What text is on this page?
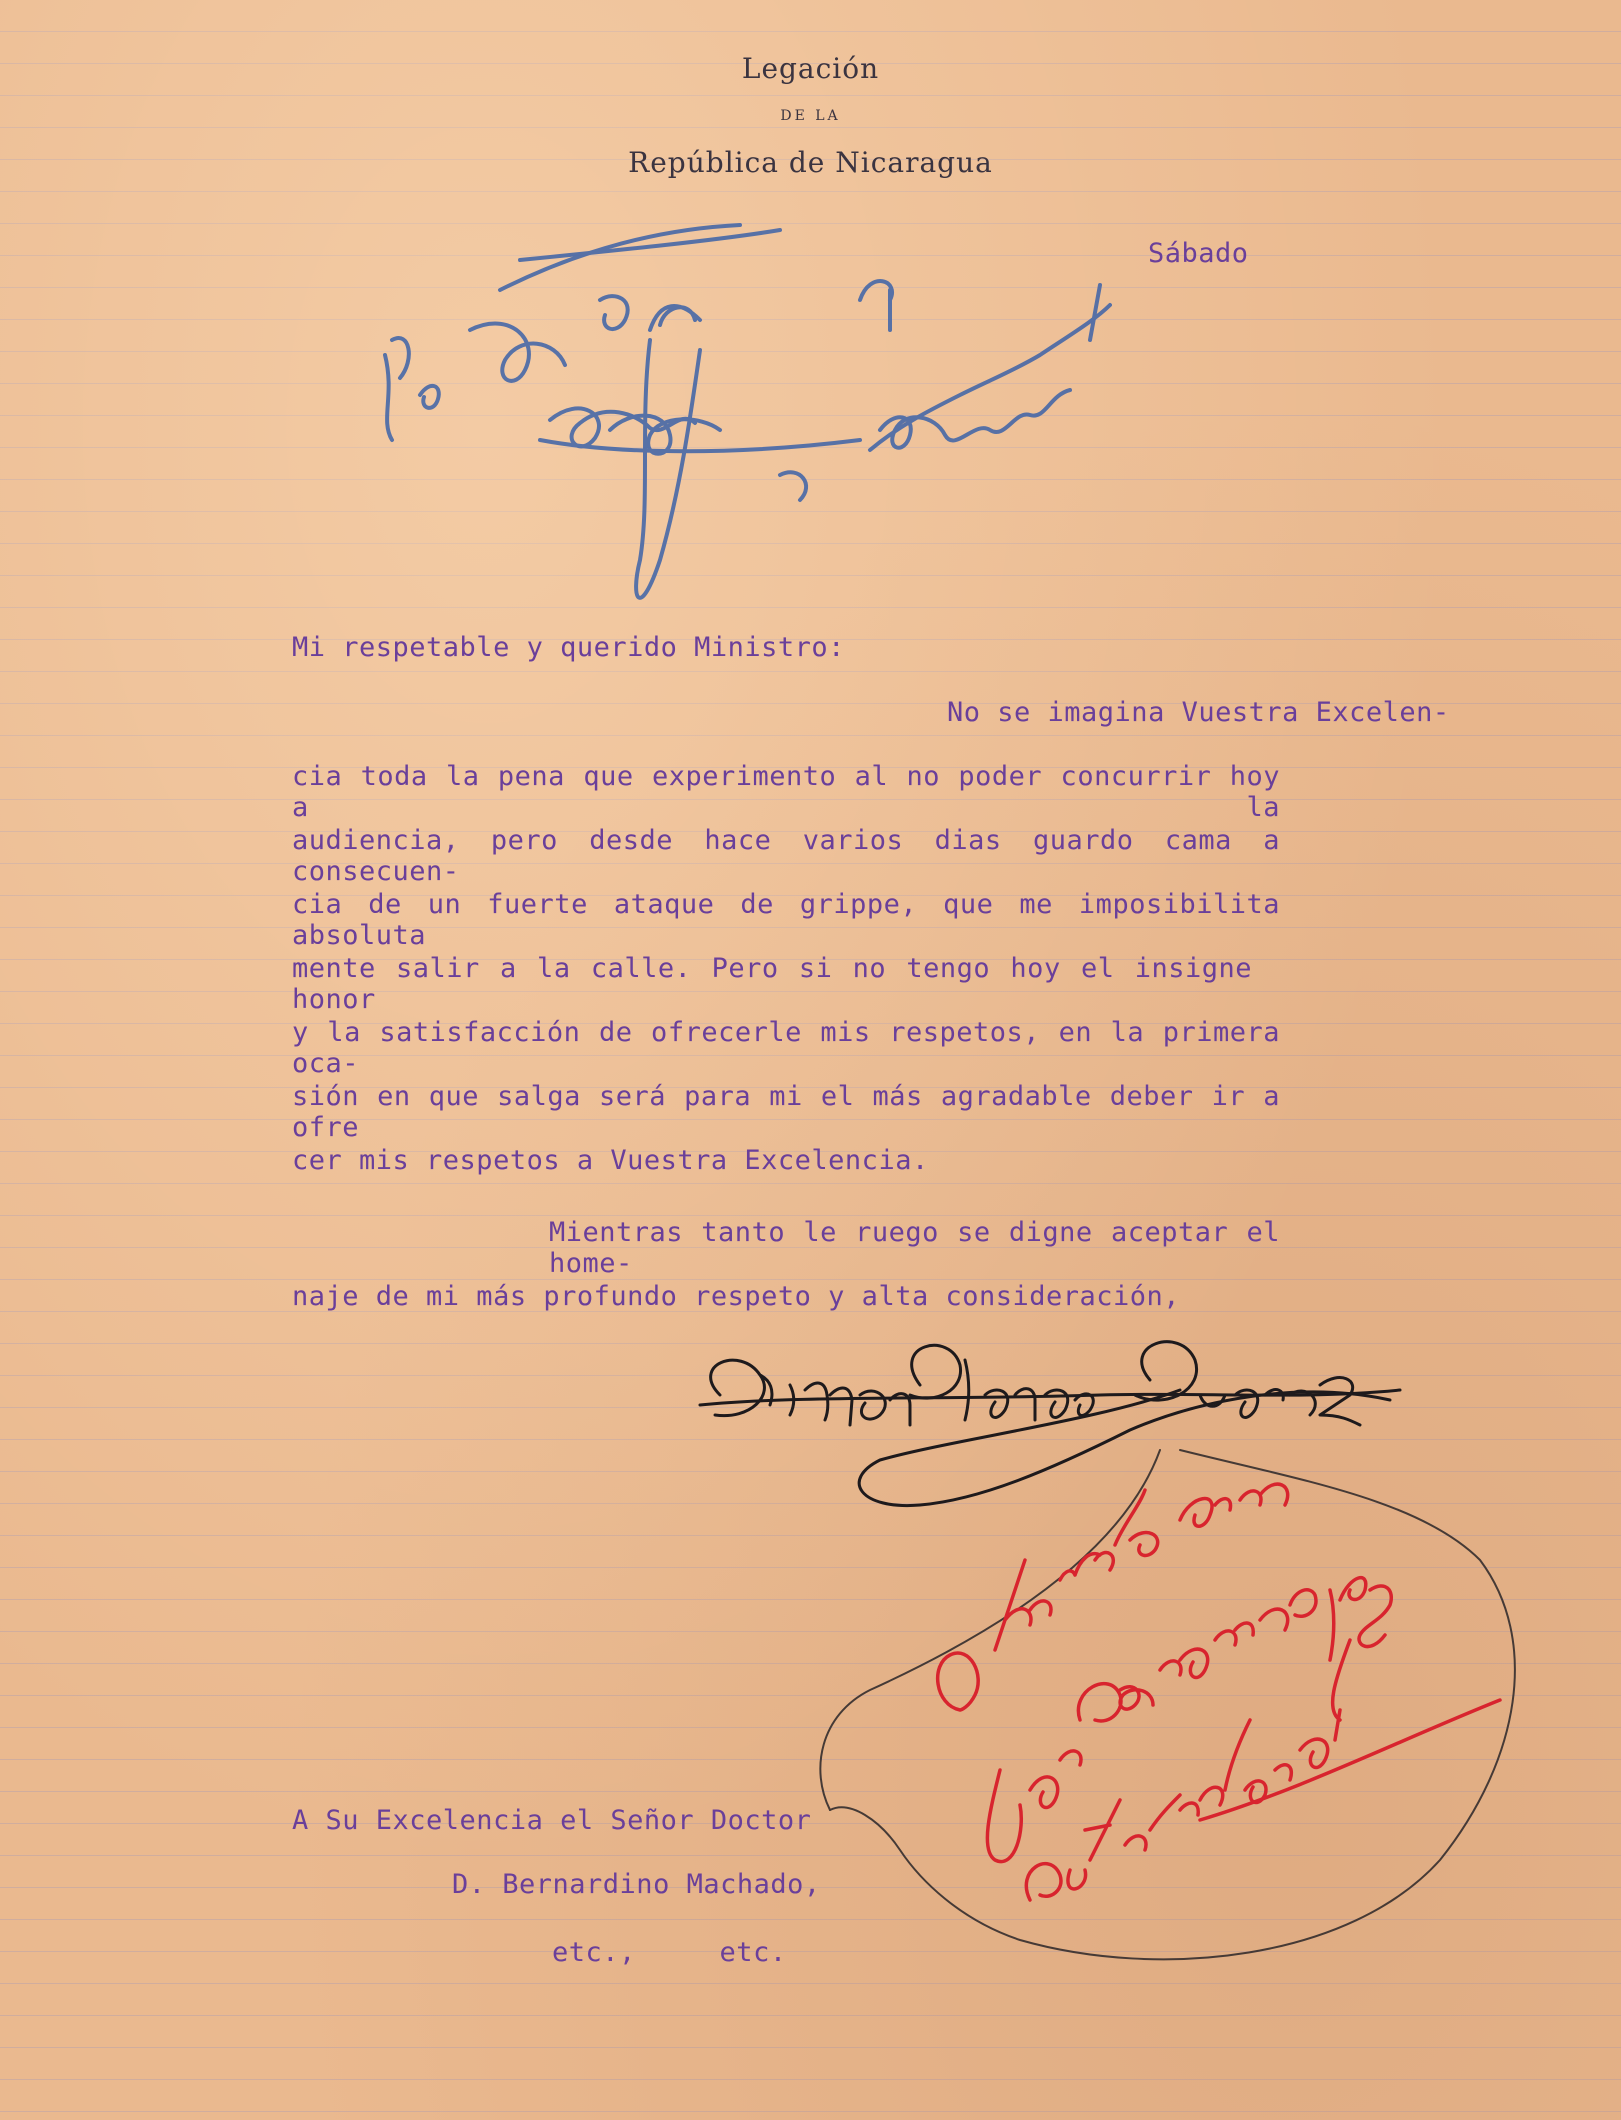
Legación
DE LA
República de Nicaragua
Sábado
Mi respetable y querido Ministro:
No se imagina Vuestra Excelen-
cia toda la pena que experimento al no poder concurrir hoy a la
audiencia, pero desde hace varios dias guardo cama a consecuen-
cia de un fuerte ataque de grippe, que me imposibilita absoluta
mente salir a la calle. Pero si no tengo hoy el insigne honor
y la satisfacción de ofrecerle mis respetos, en la primera oca-
sión en que salga será para mi el más agradable deber ir a ofre
cer mis respetos a Vuestra Excelencia.
Mientras tanto le ruego se digne aceptar el home-
naje de mi más profundo respeto y alta consideración,
A Su Excelencia el Señor Doctor
D. Bernardino Machado,
etc.,     etc.
